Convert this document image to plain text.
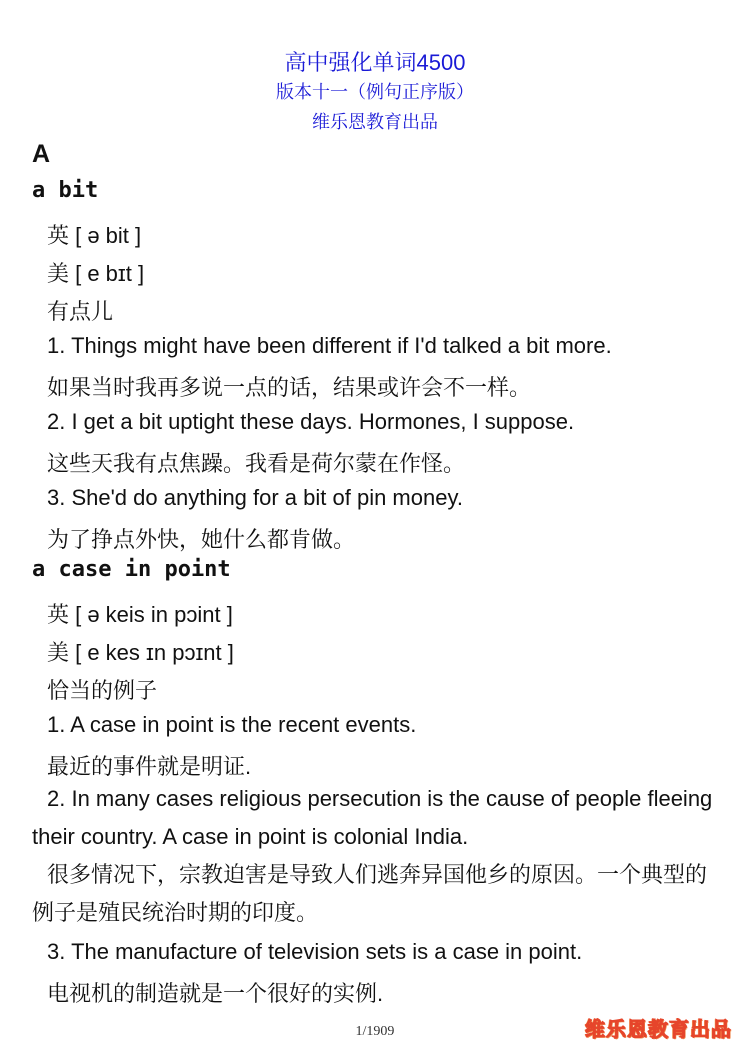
高中强化单词4500
版本十一（例句正序版）
维乐恩教育出品
A
a bit
英 [ ə bit ]
美 [ e bɪt ]
有点儿
1. Things might have been different if I'd talked a bit more.
如果当时我再多说一点的话，结果或许会不一样。
2. I get a bit uptight these days. Hormones, I suppose.
这些天我有点焦躁。我看是荷尔蒙在作怪。
3. She'd do anything for a bit of pin money.
为了挣点外快，她什么都肯做。
a case in point
英 [ ə keis in pɔint ]
美 [ e kes ɪn pɔɪnt ]
恰当的例子
1. A case in point is the recent events.
最近的事件就是明证.
2. In many cases religious persecution is the cause of people fleeing their country. A case in point is colonial India.
很多情况下，宗教迫害是导致人们逃奔异国他乡的原因。一个典型的例子是殖民统治时期的印度。
3. The manufacture of television sets is a case in point.
电视机的制造就是一个很好的实例.
1/1909	维乐恩教育出品
